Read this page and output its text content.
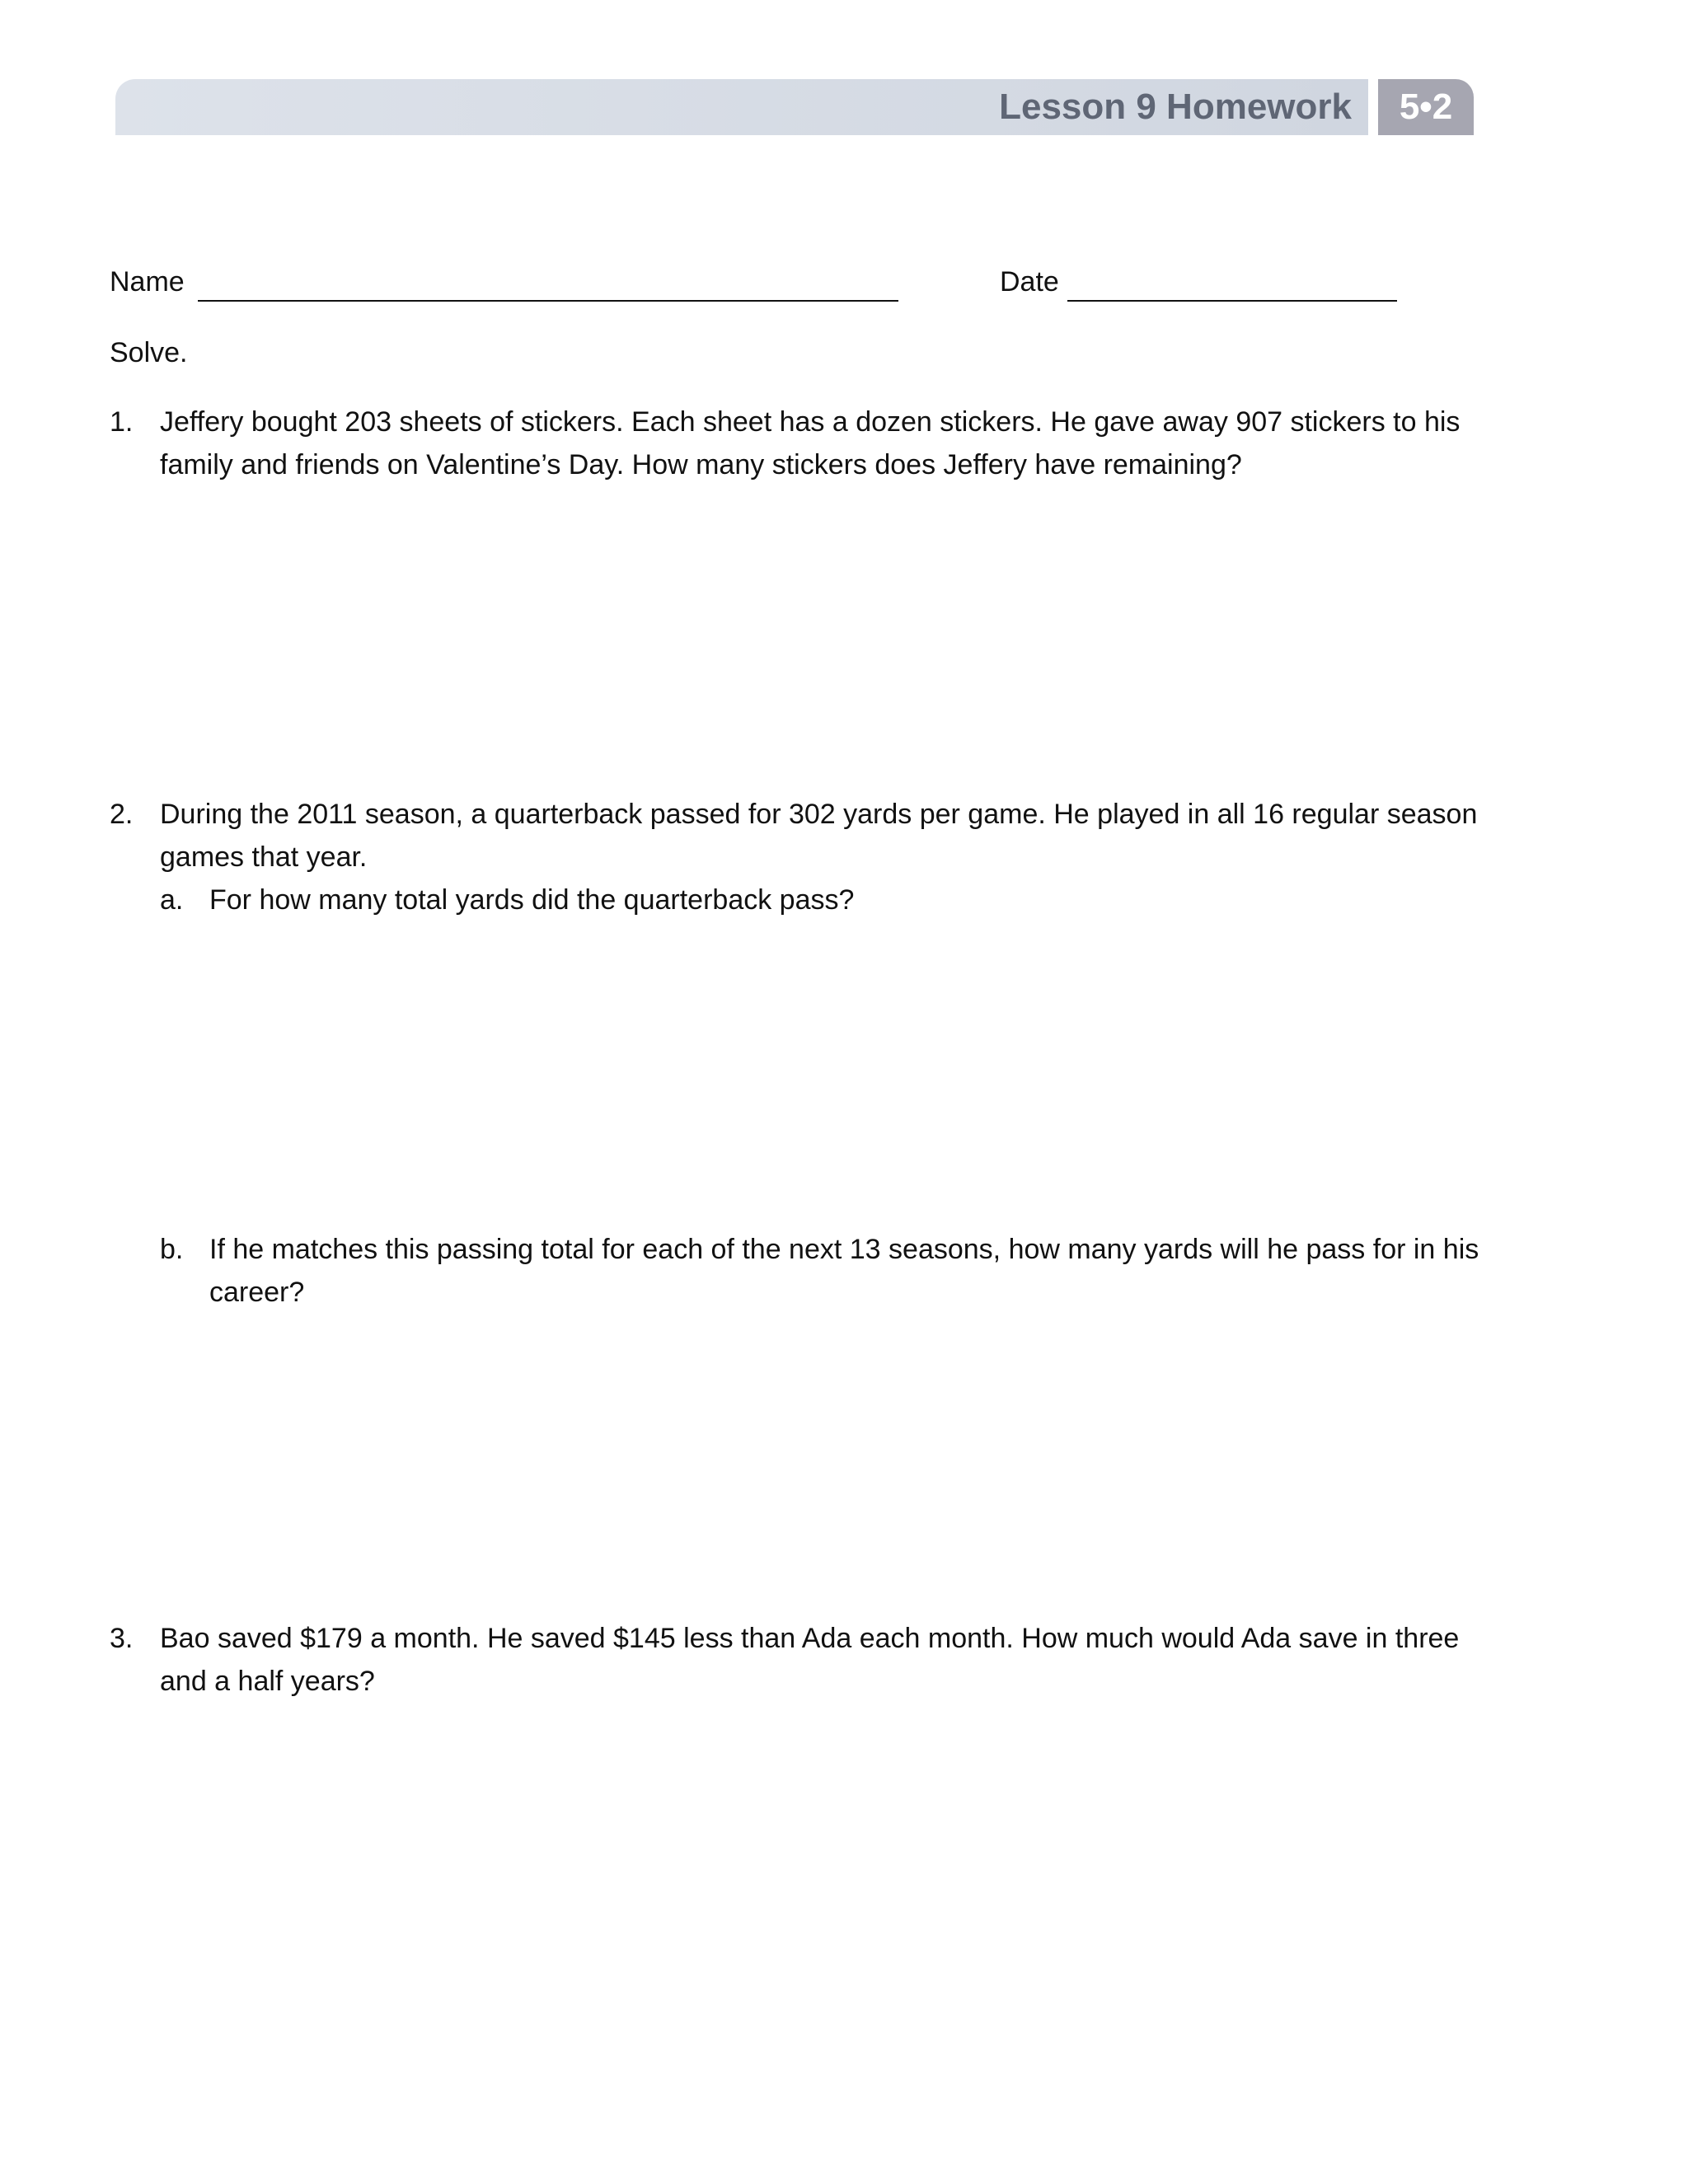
Lesson 9 Homework	5•2
Name	Date
Solve.
1. Jeffery bought 203 sheets of stickers. Each sheet has a dozen stickers. He gave away 907 stickers to his family and friends on Valentine’s Day. How many stickers does Jeffery have remaining?
2. During the 2011 season, a quarterback passed for 302 yards per game. He played in all 16 regular season games that year.
a. For how many total yards did the quarterback pass?
b. If he matches this passing total for each of the next 13 seasons, how many yards will he pass for in his career?
3. Bao saved $179 a month. He saved $145 less than Ada each month. How much would Ada save in three and a half years?
